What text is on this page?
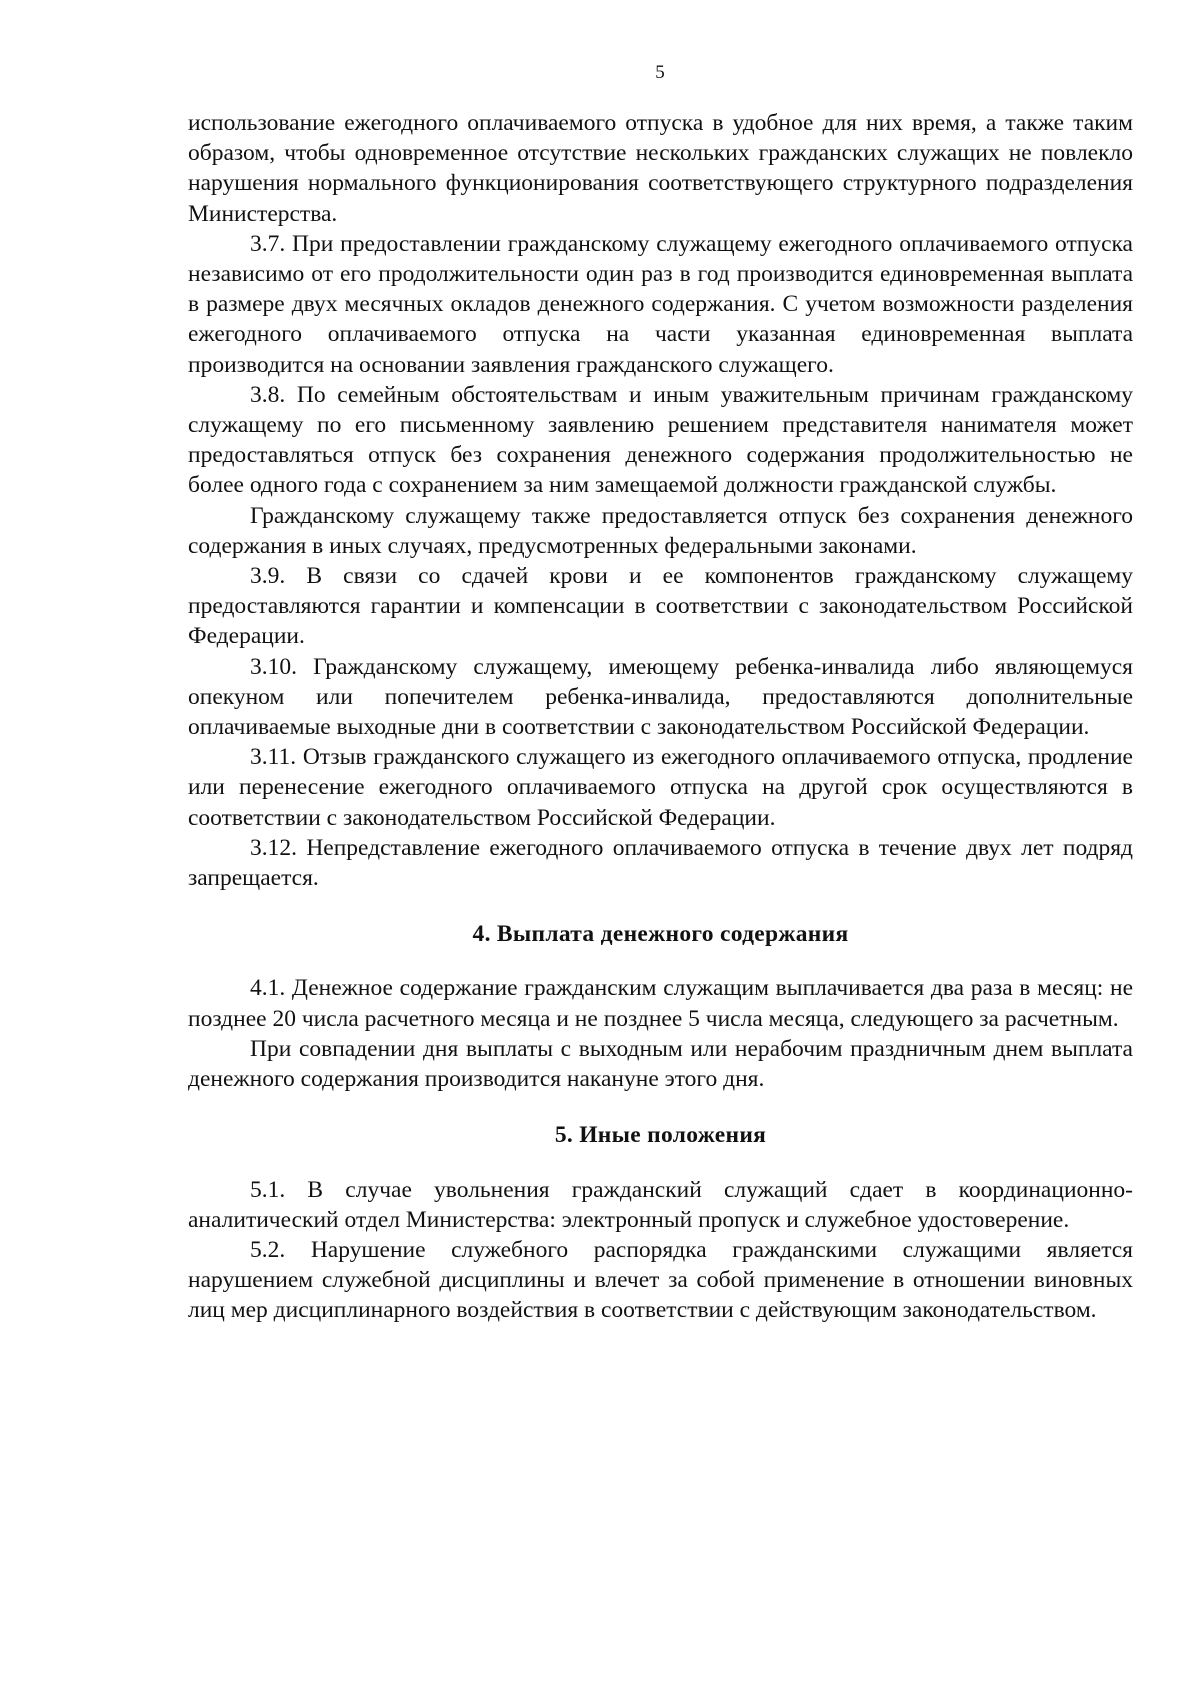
5

использование ежегодного оплачиваемого отпуска в удобное для них время, а также таким образом, чтобы одновременное отсутствие нескольких гражданских служащих не повлекло нарушения нормального функционирования соответствующего структурного подразделения Министерства.

3.7. При предоставлении гражданскому служащему ежегодного оплачиваемого отпуска независимо от его продолжительности один раз в год производится единовременная выплата в размере двух месячных окладов денежного содержания. С учетом возможности разделения ежегодного оплачиваемого отпуска на части указанная единовременная выплата производится на основании заявления гражданского служащего.

3.8. По семейным обстоятельствам и иным уважительным причинам гражданскому служащему по его письменному заявлению решением представителя нанимателя может предоставляться отпуск без сохранения денежного содержания продолжительностью не более одного года с сохранением за ним замещаемой должности гражданской службы.

Гражданскому служащему также предоставляется отпуск без сохранения денежного содержания в иных случаях, предусмотренных федеральными законами.

3.9. В связи со сдачей крови и ее компонентов гражданскому служащему предоставляются гарантии и компенсации в соответствии с законодательством Российской Федерации.

3.10. Гражданскому служащему, имеющему ребенка-инвалида либо являющемуся опекуном или попечителем ребенка-инвалида, предоставляются дополнительные оплачиваемые выходные дни в соответствии с законодательством Российской Федерации.

3.11. Отзыв гражданского служащего из ежегодного оплачиваемого отпуска, продление или перенесение ежегодного оплачиваемого отпуска на другой срок осуществляются в соответствии с законодательством Российской Федерации.

3.12. Непредставление ежегодного оплачиваемого отпуска в течение двух лет подряд запрещается.

4. Выплата денежного содержания

4.1. Денежное содержание гражданским служащим выплачивается два раза в месяц: не позднее 20 числа расчетного месяца и не позднее 5 числа месяца, следующего за расчетным.

При совпадении дня выплаты с выходным или нерабочим праздничным днем выплата денежного содержания производится накануне этого дня.

5. Иные положения

5.1. В случае увольнения гражданский служащий сдает в координационно-аналитический отдел Министерства: электронный пропуск и служебное удостоверение.

5.2. Нарушение служебного распорядка гражданскими служащими является нарушением служебной дисциплины и влечет за собой применение в отношении виновных лиц мер дисциплинарного воздействия в соответствии с действующим законодательством.
